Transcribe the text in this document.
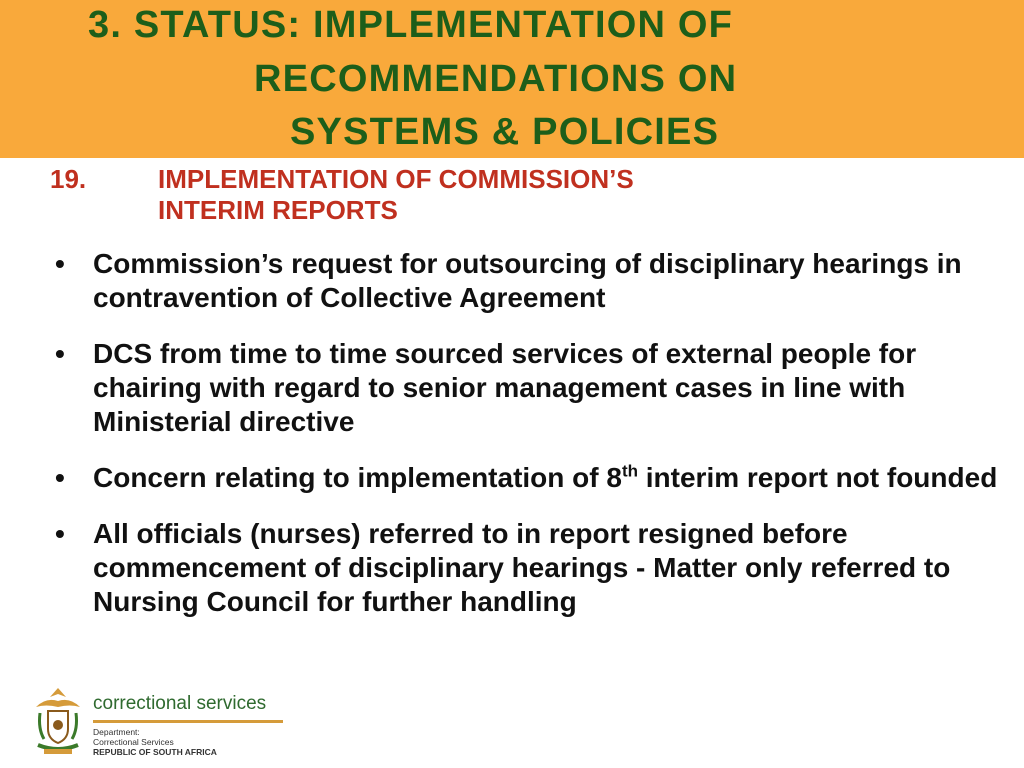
3. STATUS: IMPLEMENTATION OF

RECOMMENDATIONS ON

SYSTEMS & POLICIES

19.	IMPLEMENTATION OF COMMISSION’S
INTERIM REPORTS
• Commission’s request for outsourcing of disciplinary hearings in contravention of Collective Agreement
• DCS from time to time sourced services of external people for chairing with regard to senior management cases in line with Ministerial directive
• Concern relating to implementation of 8th interim report not founded
• All officials (nurses) referred to in report resigned before commencement of disciplinary hearings - Matter only referred to Nursing Council for further handling
correctional services
Department:
Correctional Services
REPUBLIC OF SOUTH AFRICA
